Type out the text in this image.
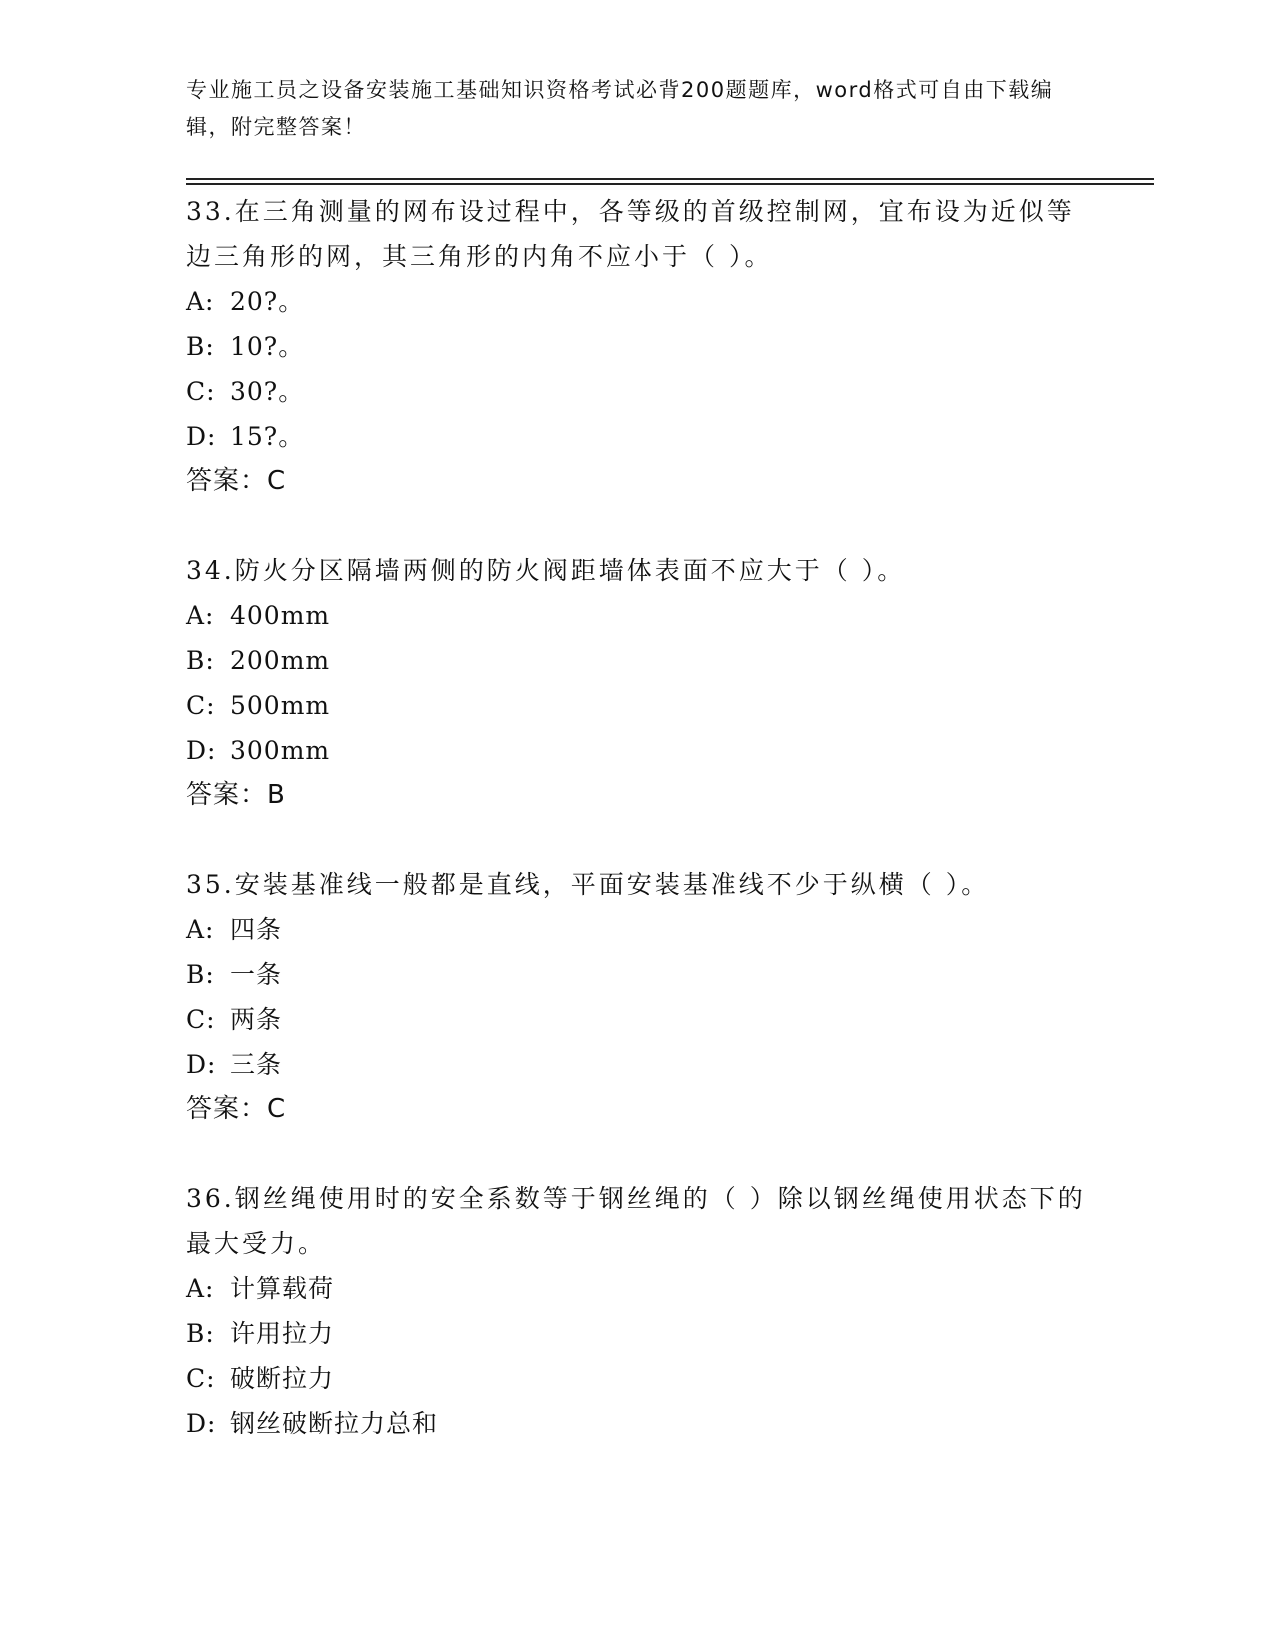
专业施工员之设备安装施工基础知识资格考试必背200题题库，word格式可自由下载编辑，附完整答案！
33.在三角测量的网布设过程中，各等级的首级控制网，宜布设为近似等边三角形的网，其三角形的内角不应小于（ ）。
A: 20?。
B: 10?。
C: 30?。
D: 15?。
答案：C
34.防火分区隔墙两侧的防火阀距墙体表面不应大于（ ）。
A: 400mm
B: 200mm
C: 500mm
D: 300mm
答案：B
35.安装基准线一般都是直线，平面安装基准线不少于纵横（ ）。
A: 四条
B: 一条
C: 两条
D: 三条
答案：C
36.钢丝绳使用时的安全系数等于钢丝绳的（ ）除以钢丝绳使用状态下的最大受力。
A: 计算载荷
B: 许用拉力
C: 破断拉力
D: 钢丝破断拉力总和
